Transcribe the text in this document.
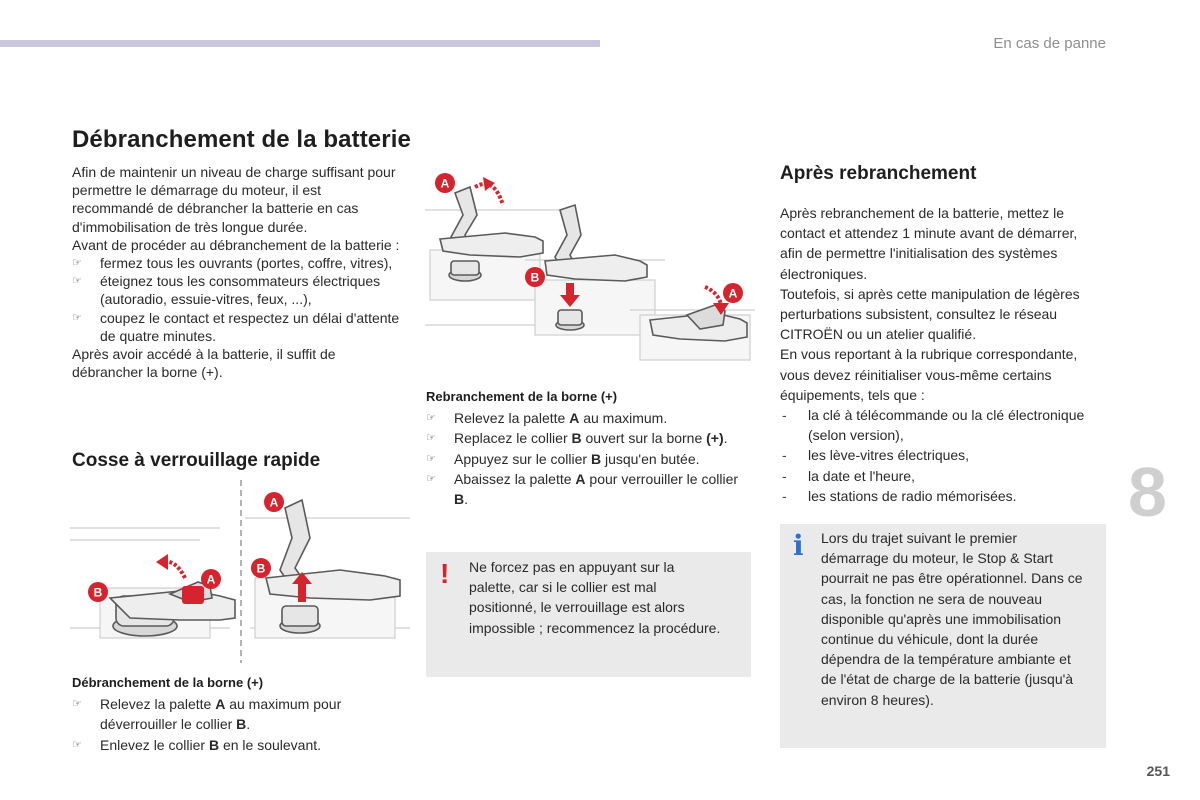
En cas de panne
8
251
Débranchement de la batterie

Afin de maintenir un niveau de charge suffisant pour permettre le démarrage du moteur, il est recommandé de débrancher la batterie en cas d'immobilisation de très longue durée.

Avant de procéder au débranchement de la batterie :

☞ fermez tous les ouvrants (portes, coffre, vitres),
☞ éteignez tous les consommateurs électriques (autoradio, essuie-vitres, feux, ...),
☞ coupez le contact et respectez un délai d'attente de quatre minutes.

Après avoir accédé à la batterie, il suffit de débrancher la borne (+).

Cosse à verrouillage rapide
B
A
A
B
Débranchement de la borne (+)
☞ Relevez la palette A au maximum pour déverrouiller le collier B.
☞ Enlevez le collier B en le soulevant.
A
B
A
Rebranchement de la borne (+)
☞ Relevez la palette A au maximum.
☞ Replacez le collier B ouvert sur la borne (+).
☞ Appuyez sur le collier B jusqu'en butée.
☞ Abaissez la palette A pour verrouiller le collier B.
! Ne forcez pas en appuyant sur la palette, car si le collier est mal positionné, le verrouillage est alors impossible ; recommencez la procédure.
Après rebranchement

Après rebranchement de la batterie, mettez le contact et attendez 1 minute avant de démarrer, afin de permettre l'initialisation des systèmes électroniques.

Toutefois, si après cette manipulation de légères perturbations subsistent, consultez le réseau CITROËN ou un atelier qualifié.

En vous reportant à la rubrique correspondante, vous devez réinitialiser vous-même certains équipements, tels que :

-	la clé à télécommande ou la clé électronique (selon version),
-	les lève-vitres électriques,
-	la date et l'heure,
-	les stations de radio mémorisées.
i Lors du trajet suivant le premier démarrage du moteur, le Stop & Start pourrait ne pas être opérationnel. Dans ce cas, la fonction ne sera de nouveau disponible qu'après une immobilisation continue du véhicule, dont la durée dépendra de la température ambiante et de l'état de charge de la batterie (jusqu'à environ 8 heures).
